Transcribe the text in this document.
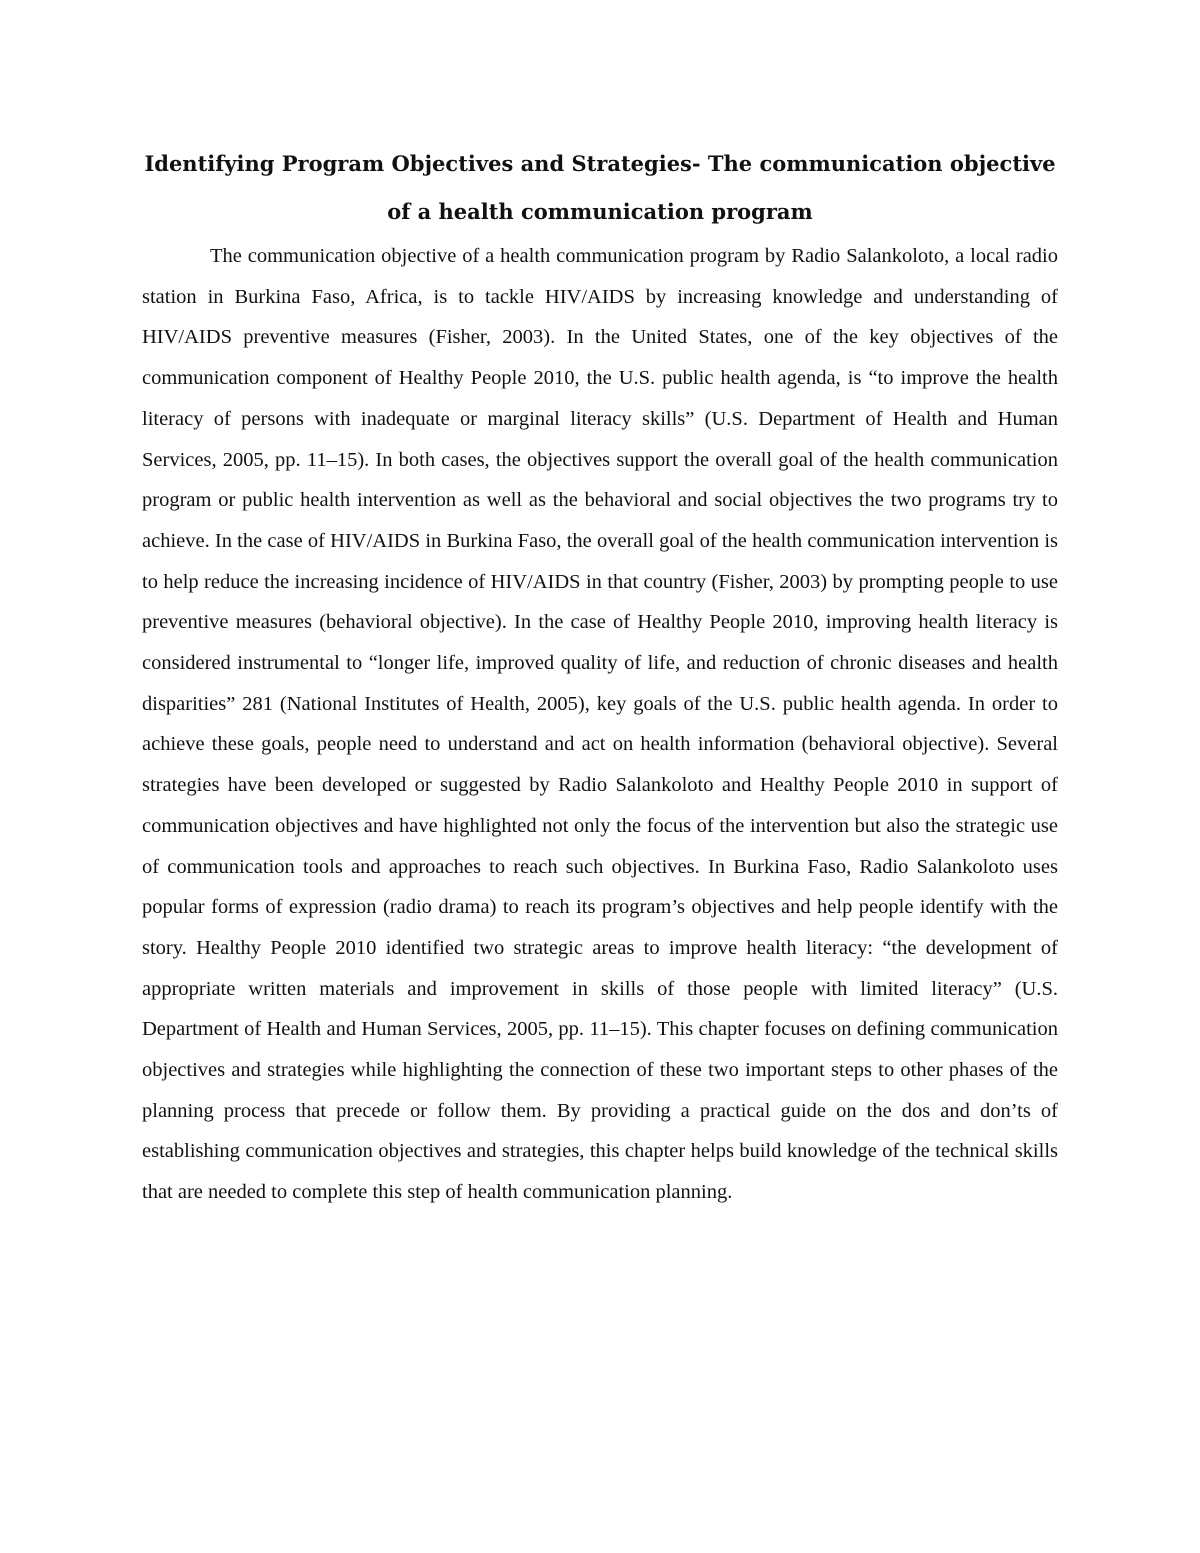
Identifying Program Objectives and Strategies- The communication objective of a health communication program

The communication objective of a health communication program by Radio Salankoloto, a local radio station in Burkina Faso, Africa, is to tackle HIV/AIDS by increasing knowledge and understanding of HIV/AIDS preventive measures (Fisher, 2003). In the United States, one of the key objectives of the communication component of Healthy People 2010, the U.S. public health agenda, is “to improve the health literacy of persons with inadequate or marginal literacy skills” (U.S. Department of Health and Human Services, 2005, pp. 11–15). In both cases, the objectives support the overall goal of the health communication program or public health intervention as well as the behavioral and social objectives the two programs try to achieve. In the case of HIV/AIDS in Burkina Faso, the overall goal of the health communication intervention is to help reduce the increasing incidence of HIV/AIDS in that country (Fisher, 2003) by prompting people to use preventive measures (behavioral objective). In the case of Healthy People 2010, improving health literacy is considered instrumental to “longer life, improved quality of life, and reduction of chronic diseases and health disparities” 281 (National Institutes of Health, 2005), key goals of the U.S. public health agenda. In order to achieve these goals, people need to understand and act on health information (behavioral objective). Several strategies have been developed or suggested by Radio Salankoloto and Healthy People 2010 in support of communication objectives and have highlighted not only the focus of the intervention but also the strategic use of communication tools and approaches to reach such objectives. In Burkina Faso, Radio Salankoloto uses popular forms of expression (radio drama) to reach its program’s objectives and help people identify with the story. Healthy People 2010 identified two strategic areas to improve health literacy: “the development of appropriate written materials and improvement in skills of those people with limited literacy” (U.S. Department of Health and Human Services, 2005, pp. 11–15). This chapter focuses on defining communication objectives and strategies while highlighting the connection of these two important steps to other phases of the planning process that precede or follow them. By providing a practical guide on the dos and don’ts of establishing communication objectives and strategies, this chapter helps build knowledge of the technical skills that are needed to complete this step of health communication planning.
